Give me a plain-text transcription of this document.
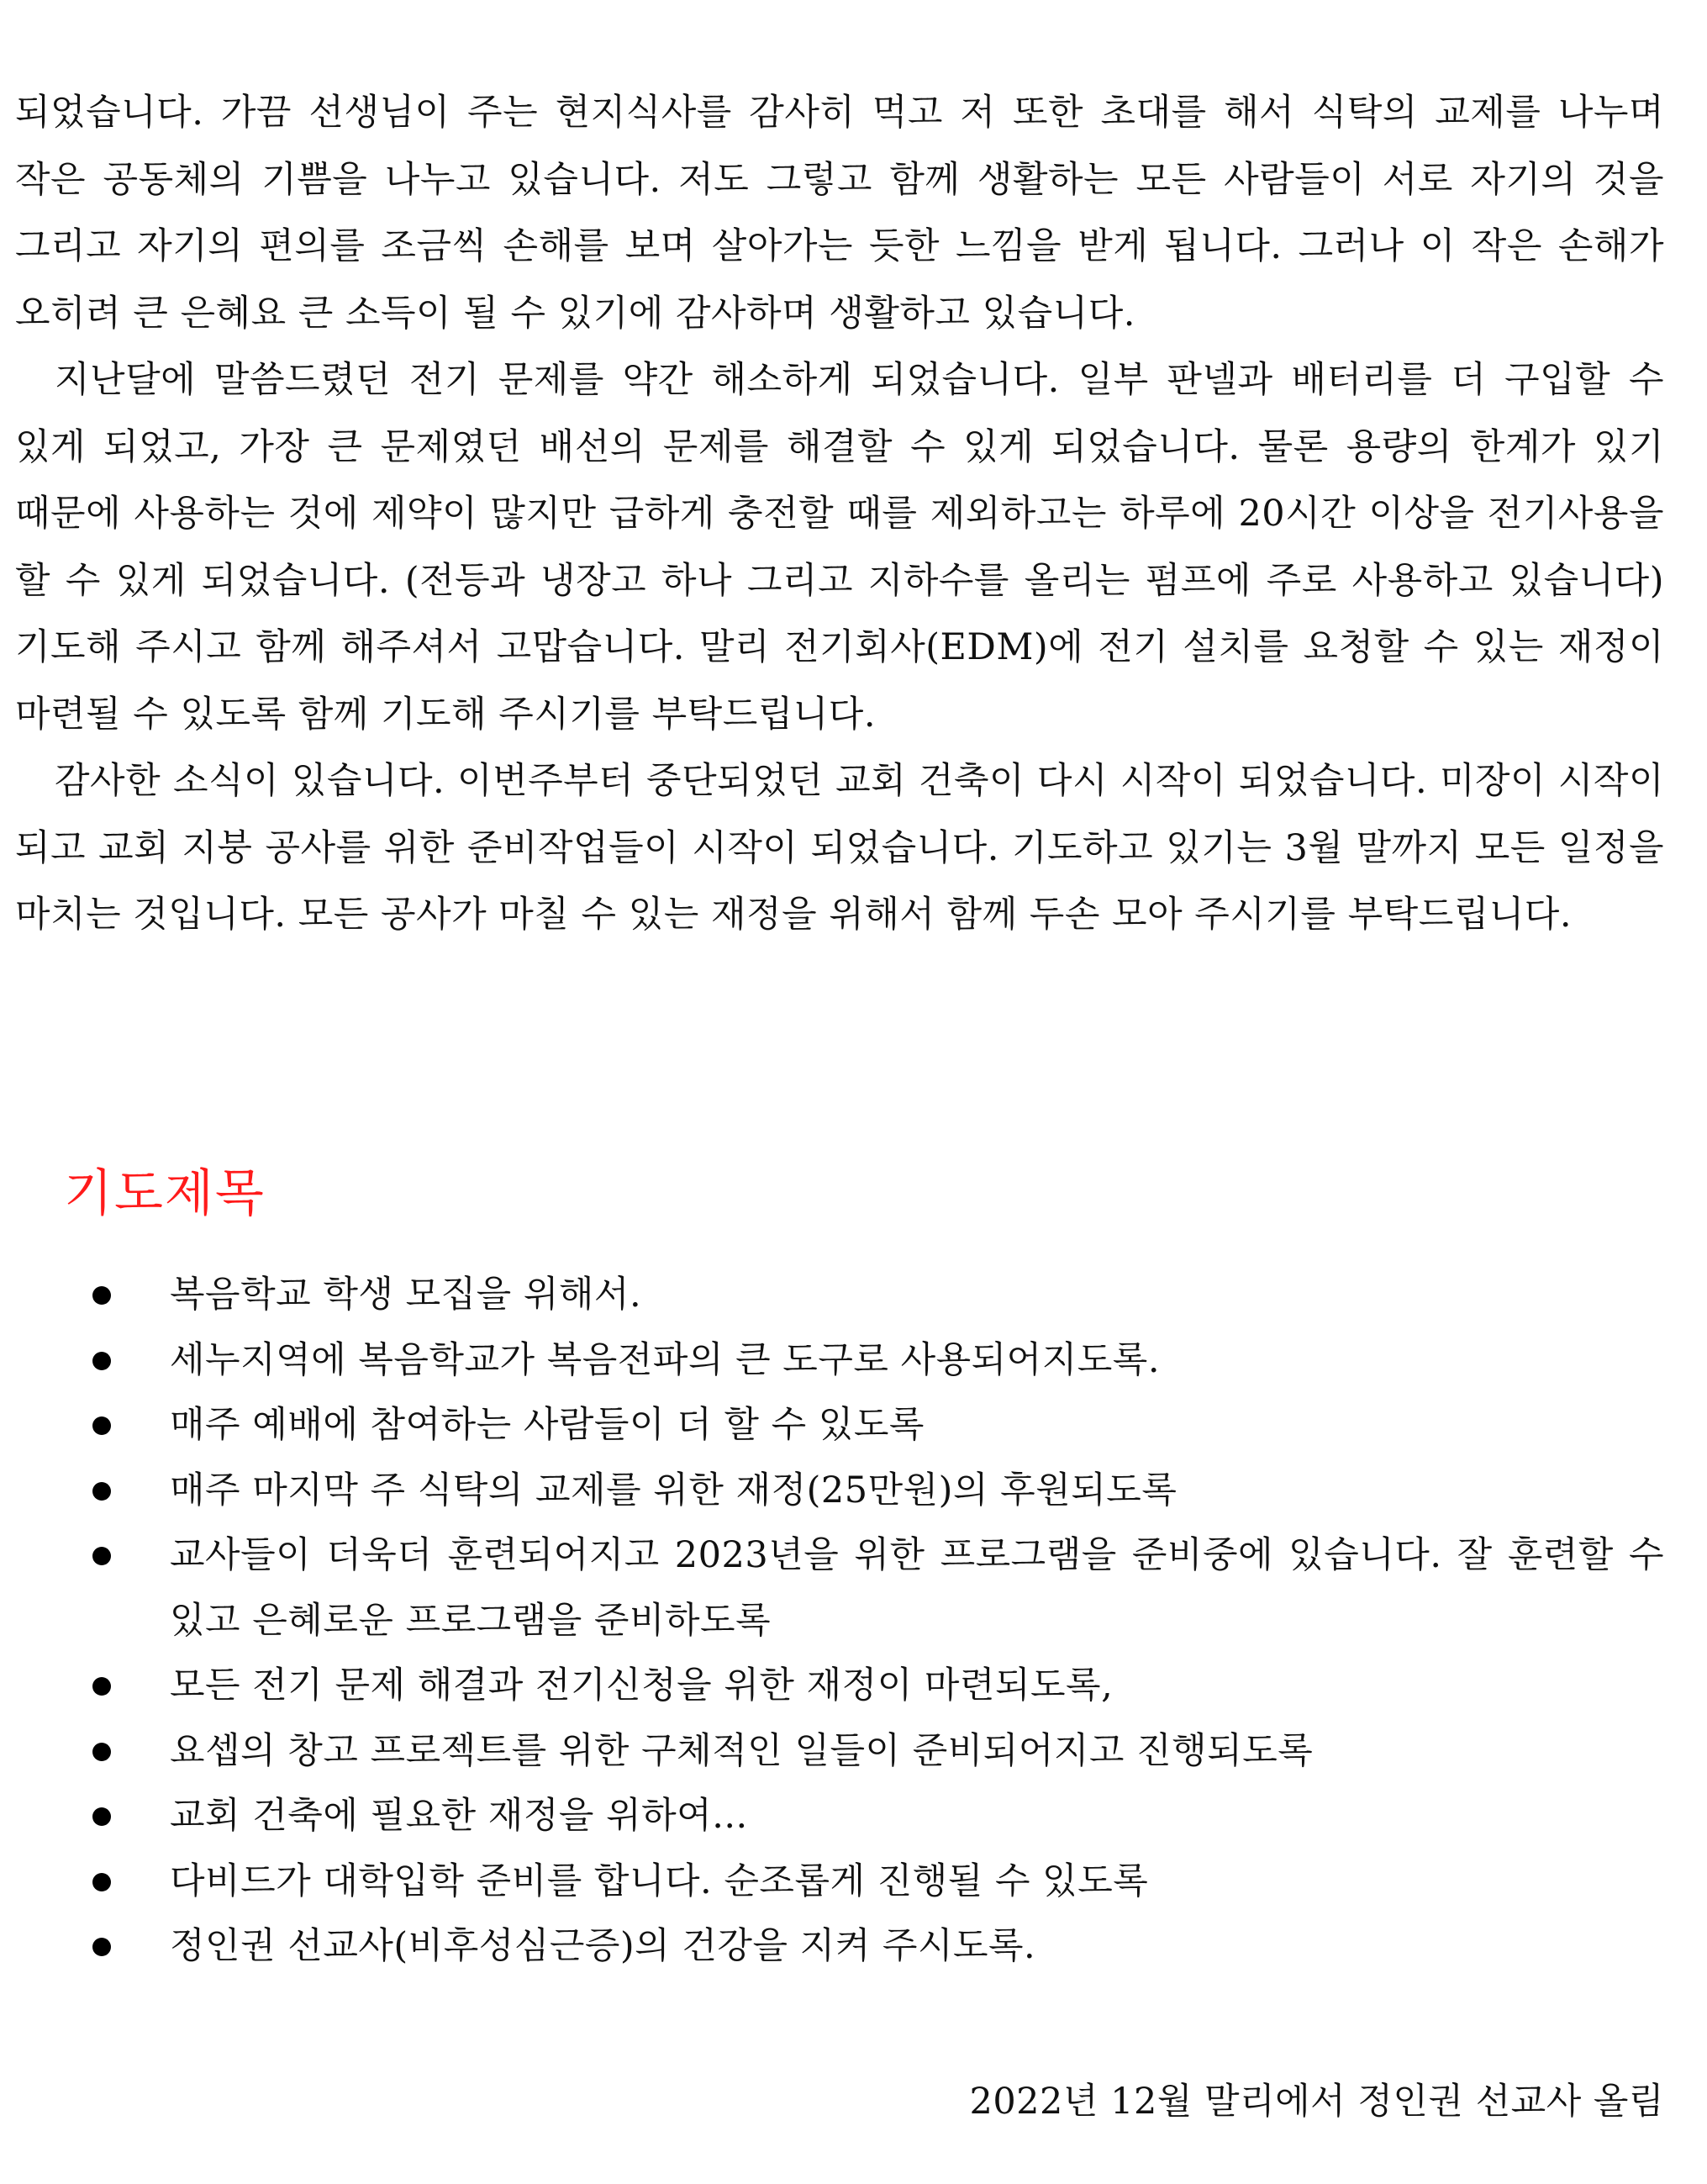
되었습니다. 가끔 선생님이 주는 현지식사를 감사히 먹고 저 또한 초대를 해서 식탁의 교제를 나누며 작은 공동체의 기쁨을 나누고 있습니다. 저도 그렇고 함께 생활하는 모든 사람들이 서로 자기의 것을 그리고 자기의 편의를 조금씩 손해를 보며 살아가는 듯한 느낌을 받게 됩니다. 그러나 이 작은 손해가 오히려 큰 은혜요 큰 소득이 될 수 있기에 감사하며 생활하고 있습니다.

지난달에 말씀드렸던 전기 문제를 약간 해소하게 되었습니다. 일부 판넬과 배터리를 더 구입할 수 있게 되었고, 가장 큰 문제였던 배선의 문제를 해결할 수 있게 되었습니다. 물론 용량의 한계가 있기 때문에 사용하는 것에 제약이 많지만 급하게 충전할 때를 제외하고는 하루에 20시간 이상을 전기사용을 할 수 있게 되었습니다. (전등과 냉장고 하나 그리고 지하수를 올리는 펌프에 주로 사용하고 있습니다) 기도해 주시고 함께 해주셔서 고맙습니다. 말리 전기회사(EDM)에 전기 설치를 요청할 수 있는 재정이 마련될 수 있도록 함께 기도해 주시기를 부탁드립니다.

감사한 소식이 있습니다. 이번주부터 중단되었던 교회 건축이 다시 시작이 되었습니다. 미장이 시작이 되고 교회 지붕 공사를 위한 준비작업들이 시작이 되었습니다. 기도하고 있기는 3월 말까지 모든 일정을 마치는 것입니다. 모든 공사가 마칠 수 있는 재정을 위해서 함께 두손 모아 주시기를 부탁드립니다.

기도제목
복음학교 학생 모집을 위해서.
세누지역에 복음학교가 복음전파의 큰 도구로 사용되어지도록.
매주 예배에 참여하는 사람들이 더 할 수 있도록
매주 마지막 주 식탁의 교제를 위한 재정(25만원)의 후원되도록
교사들이 더욱더 훈련되어지고 2023년을 위한 프로그램을 준비중에 있습니다. 잘 훈련할 수 있고 은혜로운 프로그램을 준비하도록
모든 전기 문제 해결과 전기신청을 위한 재정이 마련되도록,
요셉의 창고 프로젝트를 위한 구체적인 일들이 준비되어지고 진행되도록
교회 건축에 필요한 재정을 위하여...
다비드가 대학입학 준비를 합니다. 순조롭게 진행될 수 있도록
정인권 선교사(비후성심근증)의 건강을 지켜 주시도록.

2022년 12월 말리에서 정인권 선교사 올림
